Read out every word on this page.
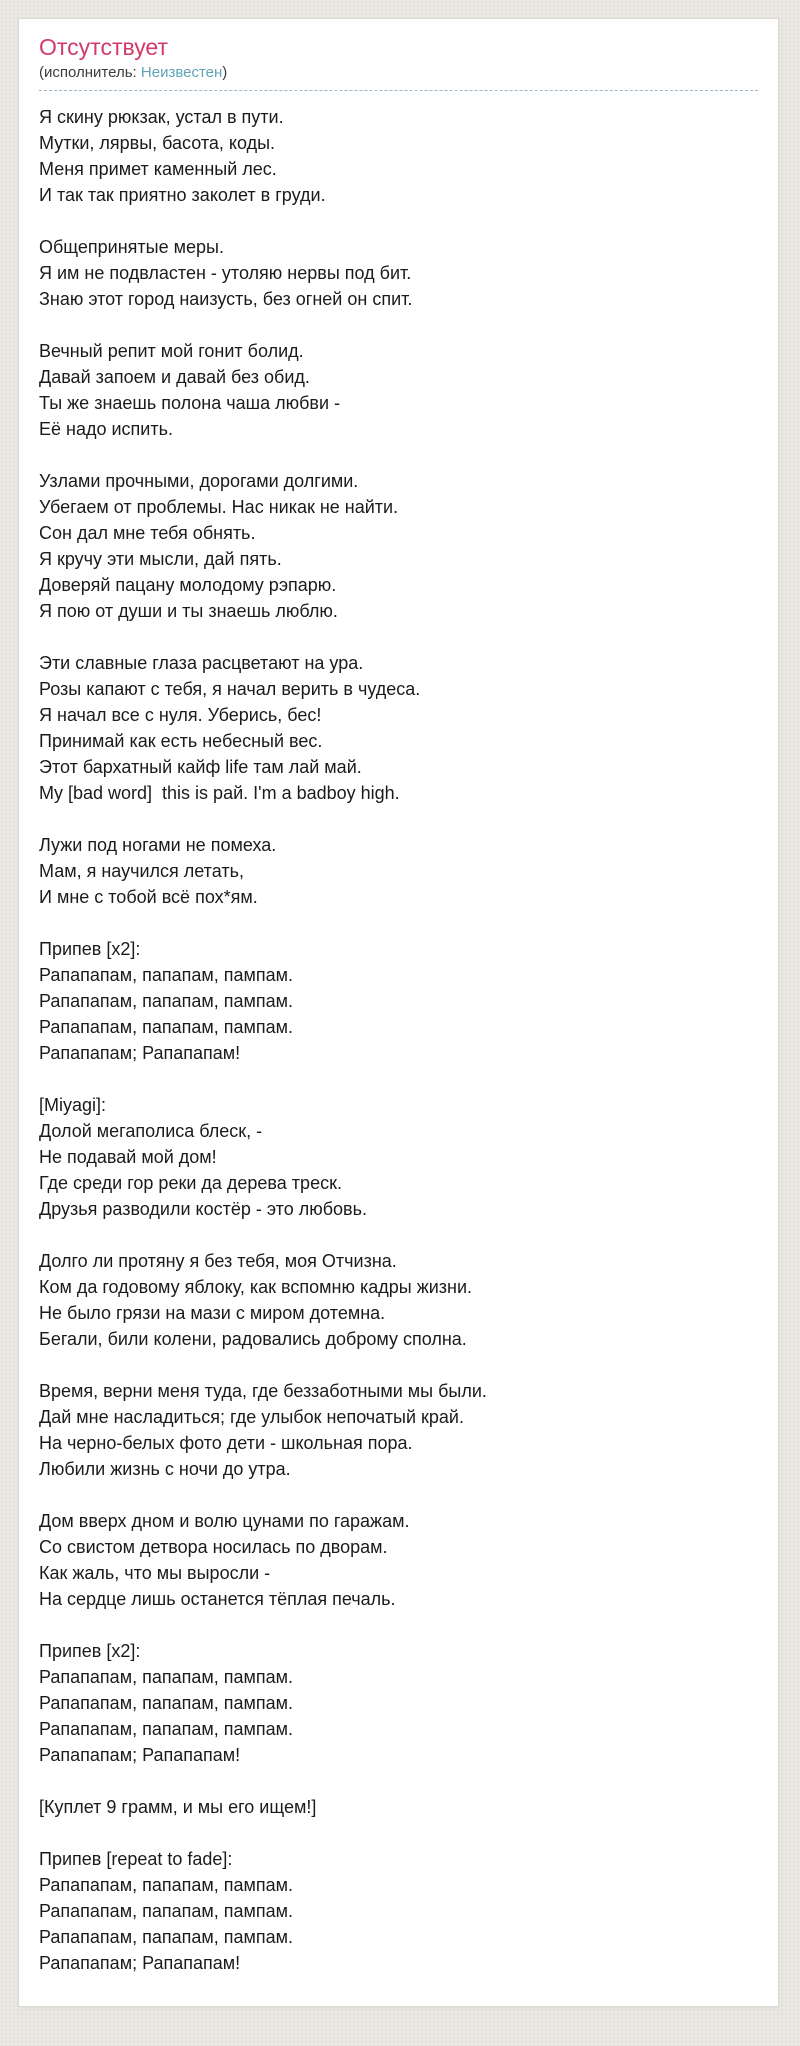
Отсутствует
(исполнитель: Неизвестен)
Я скину рюкзак, устал в пути.
Мутки, лярвы, басота, коды.
Меня примет каменный лес.
И так так приятно заколет в груди.
Общепринятые меры.
Я им не подвластен - утоляю нервы под бит.
Знаю этот город наизусть, без огней он спит.
Вечный репит мой гонит болид.
Давай запоем и давай без обид.
Ты же знаешь полона чаша любви -
Её надо испить.
Узлами прочными, дорогами долгими.
Убегаем от проблемы. Нас никак не найти.
Сон дал мне тебя обнять.
Я кручу эти мысли, дай пять.
Доверяй пацану молодому рэпарю.
Я пою от души и ты знаешь люблю.
Эти славные глаза расцветают на ура.
Розы капают с тебя, я начал верить в чудеса.
Я начал все с нуля. Уберись, бес!
Принимай как есть небесный вес.
Этот бархатный кайф life там лай май.
My [bad word]  this is рай. I'm a badboy high.
Лужи под ногами не помеха.
Мам, я научился летать,
И мне с тобой всё пох*ям.
Припев [x2]:
Рапапапам, папапам, пампам.
Рапапапам, папапам, пампам.
Рапапапам, папапам, пампам.
Рапапапам; Рапапапам!
[Miyagi]:
Долой мегаполиса блеск, -
Не подавай мой дом!
Где среди гор реки да дерева треск.
Друзья разводили костёр - это любовь.
Долго ли протяну я без тебя, моя Отчизна.
Ком да годовому яблоку, как вспомню кадры жизни.
Не было грязи на мази с миром дотемна.
Бегали, били колени, радовались доброму сполна.
Время, верни меня туда, где беззаботными мы были.
Дай мне насладиться; где улыбок непочатый край.
На черно-белых фото дети - школьная пора.
Любили жизнь с ночи до утра.
Дом вверх дном и волю цунами по гаражам.
Со свистом детвора носилась по дворам.
Как жаль, что мы выросли -
На сердце лишь останется тёплая печаль.
Припев [x2]:
Рапапапам, папапам, пампам.
Рапапапам, папапам, пампам.
Рапапапам, папапам, пампам.
Рапапапам; Рапапапам!
[Куплет 9 грамм, и мы его ищем!]
Припев [repeat to fade]:
Рапапапам, папапам, пампам.
Рапапапам, папапам, пампам.
Рапапапам, папапам, пампам.
Рапапапам; Рапапапам!
